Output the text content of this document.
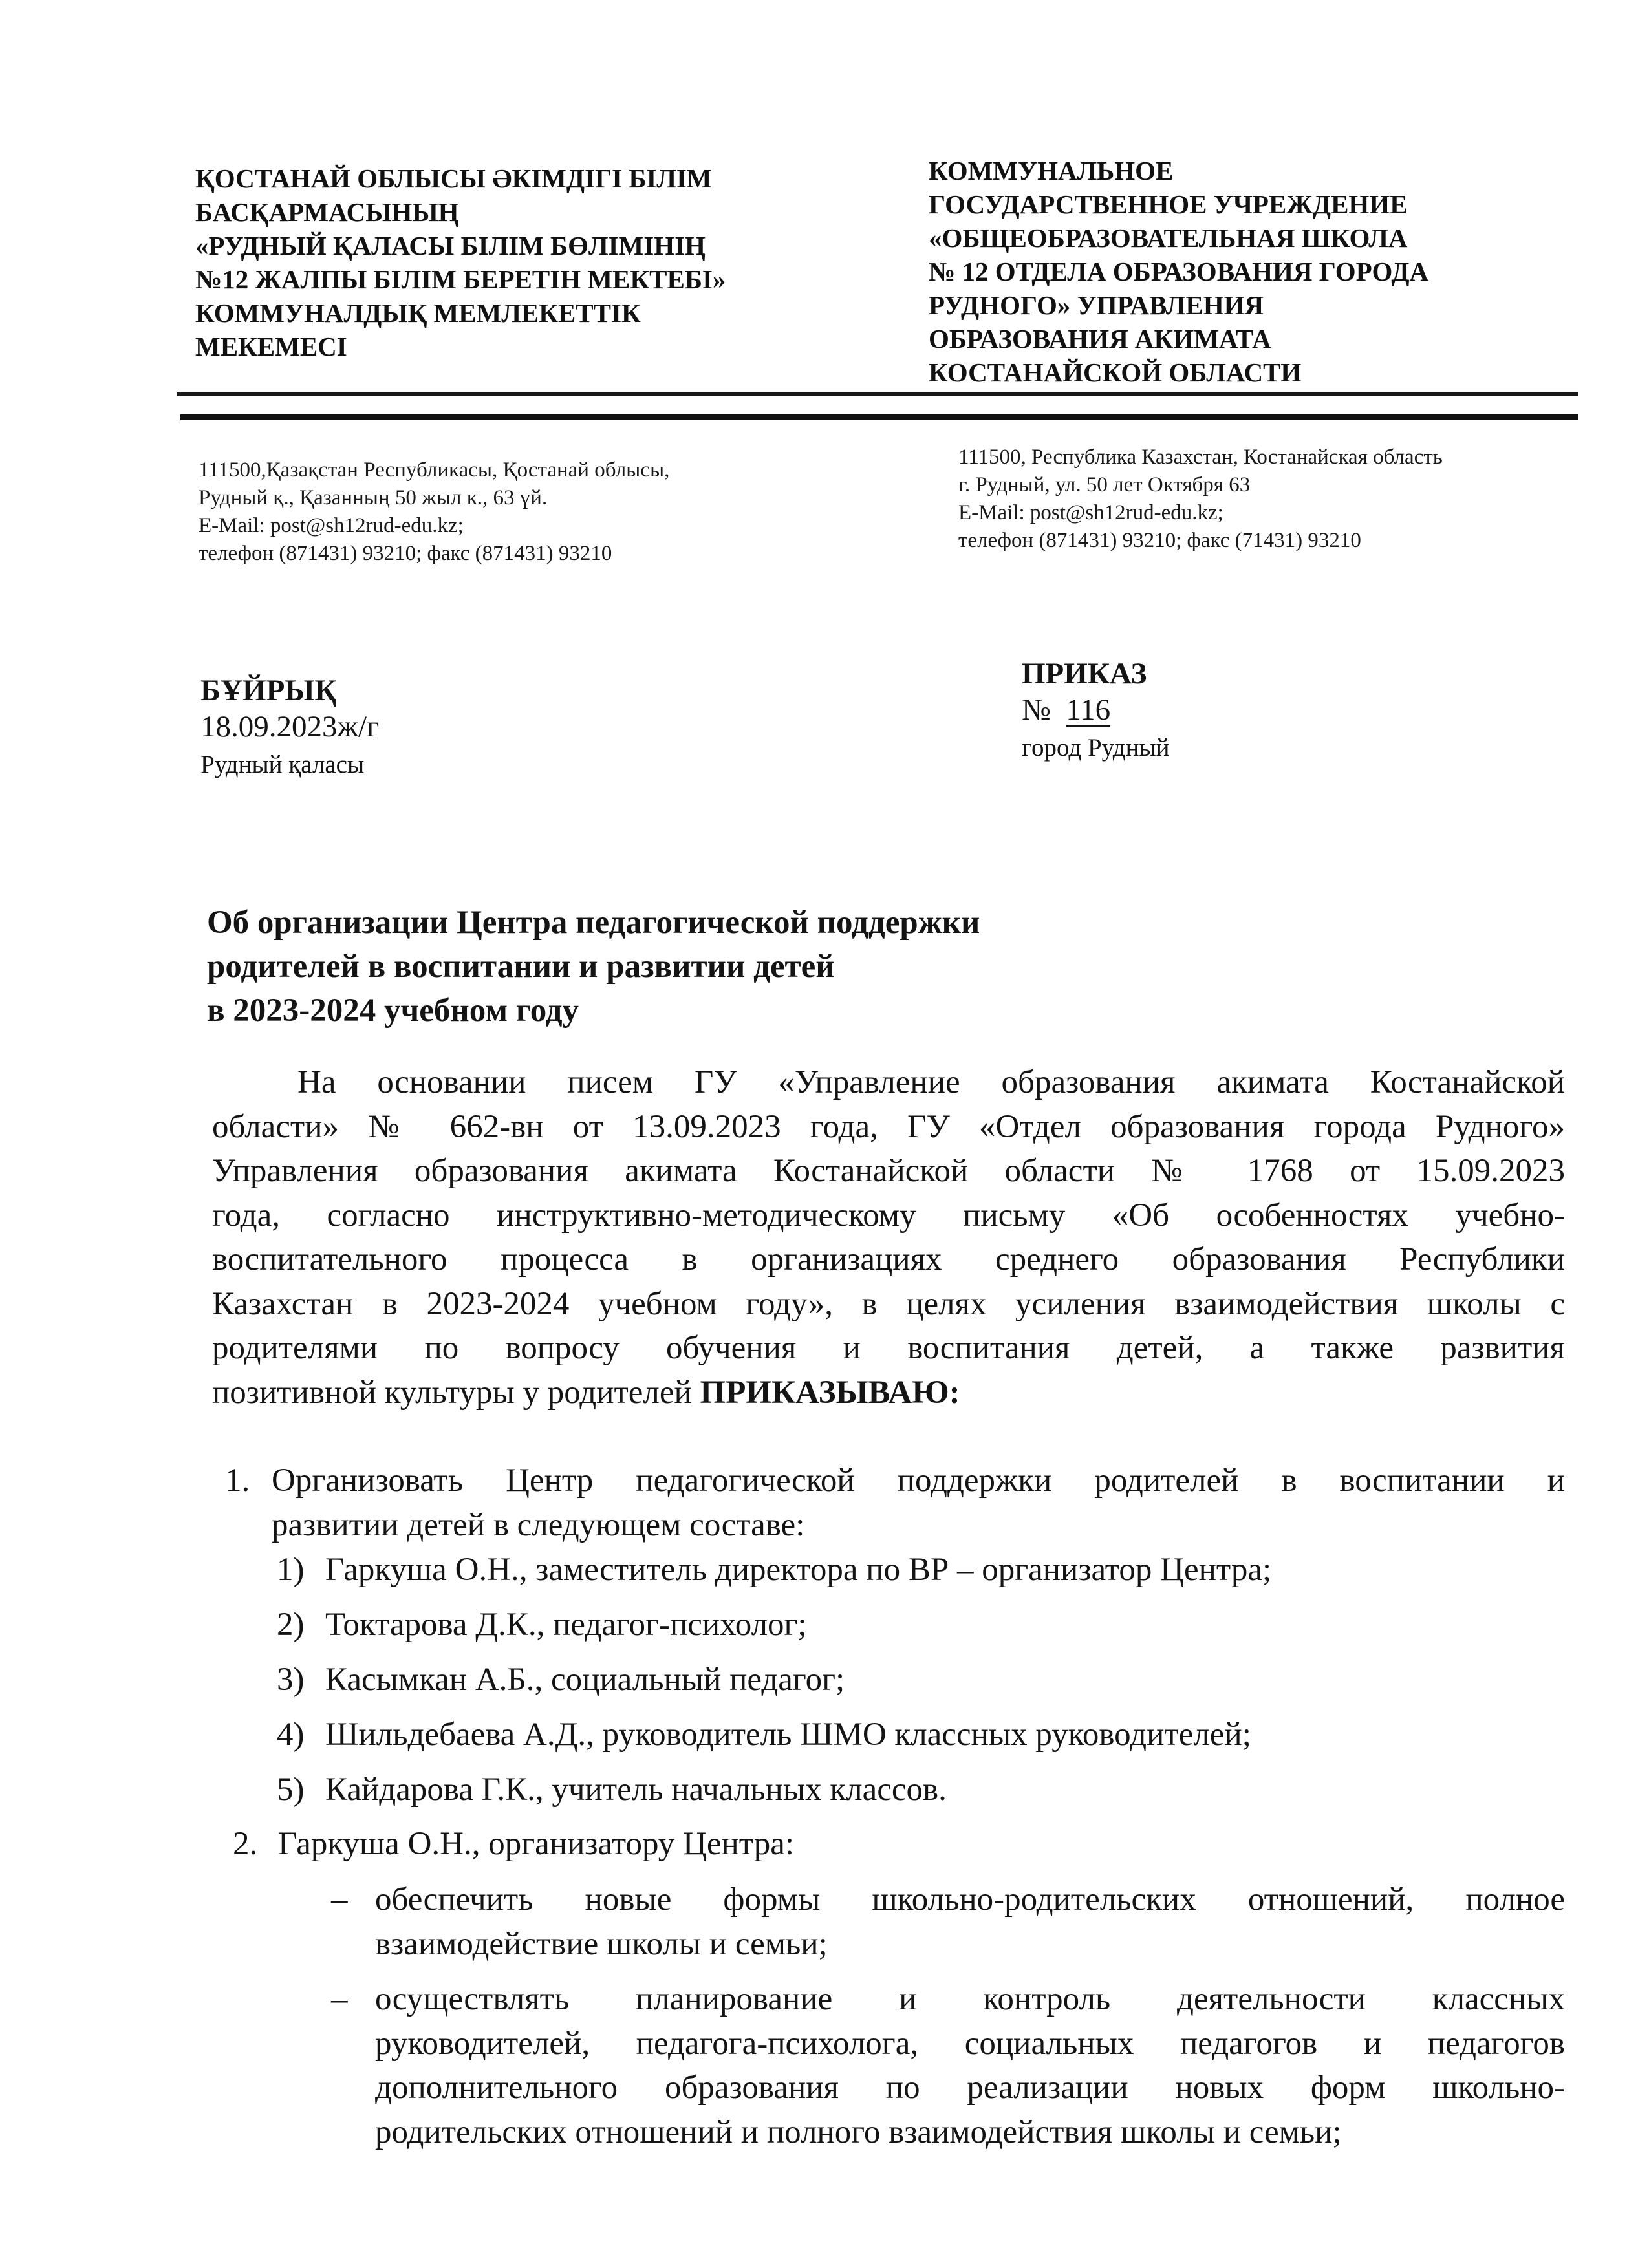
ҚОСТАНАЙ ОБЛЫСЫ ӘКІМДІГІ БІЛІМ
БАСҚАРМАСЫНЫҢ
«РУДНЫЙ ҚАЛАСЫ БІЛІМ БӨЛІМІНІҢ
№12 ЖАЛПЫ БІЛІМ БЕРЕТІН МЕКТЕБІ»
КОММУНАЛДЫҚ МЕМЛЕКЕТТІК
МЕКЕМЕСІ
КОММУНАЛЬНОЕ
ГОСУДАРСТВЕННОЕ УЧРЕЖДЕНИЕ
«ОБЩЕОБРАЗОВАТЕЛЬНАЯ ШКОЛА
№ 12 ОТДЕЛА ОБРАЗОВАНИЯ ГОРОДА
РУДНОГО» УПРАВЛЕНИЯ
ОБРАЗОВАНИЯ АКИМАТА
КОСТАНАЙСКОЙ ОБЛАСТИ
111500,Қазақстан Республикасы, Қостанай облысы,
Рудный қ., Қазанның 50 жыл к., 63 үй.
E-Mail: post@sh12rud-edu.kz;
телефон (871431) 93210; факс (871431) 93210
111500, Республика Казахстан, Костанайская область
г. Рудный, ул. 50 лет Октября 63
E-Mail: post@sh12rud-edu.kz;
телефон (871431) 93210; факс (71431) 93210
БҰЙРЫҚ
18.09.2023ж/г
Рудный қаласы
ПРИКАЗ
№ 116
город Рудный
Об организации Центра педагогической поддержки
родителей в воспитании и развитии детей
в 2023-2024 учебном году
На основании писем ГУ «Управление образования акимата Костанайской
области» № 662-вн от 13.09.2023 года, ГУ «Отдел образования города Рудного»
Управления образования акимата Костанайской области № 1768 от 15.09.2023
года, согласно инструктивно-методическому письму «Об особенностях учебно-
воспитательного процесса в организациях среднего образования Республики
Казахстан в 2023-2024 учебном году», в целях усиления взаимодействия школы с
родителями по вопросу обучения и воспитания детей, а также развития
позитивной культуры у родителей ПРИКАЗЫВАЮ:
1. Организовать Центр педагогической поддержки родителей в воспитании и
развитии детей в следующем составе:
1) Гаркуша О.Н., заместитель директора по ВР – организатор Центра;
2) Токтарова Д.К., педагог-психолог;
3) Касымкан А.Б., социальный педагог;
4) Шильдебаева А.Д., руководитель ШМО классных руководителей;
5) Кайдарова Г.К., учитель начальных классов.
2. Гаркуша О.Н., организатору Центра:
– обеспечить новые формы школьно-родительских отношений, полное
взаимодействие школы и семьи;
– осуществлять планирование и контроль деятельности классных
руководителей, педагога-психолога, социальных педагогов и педагогов
дополнительного образования по реализации новых форм школьно-
родительских отношений и полного взаимодействия школы и семьи;
